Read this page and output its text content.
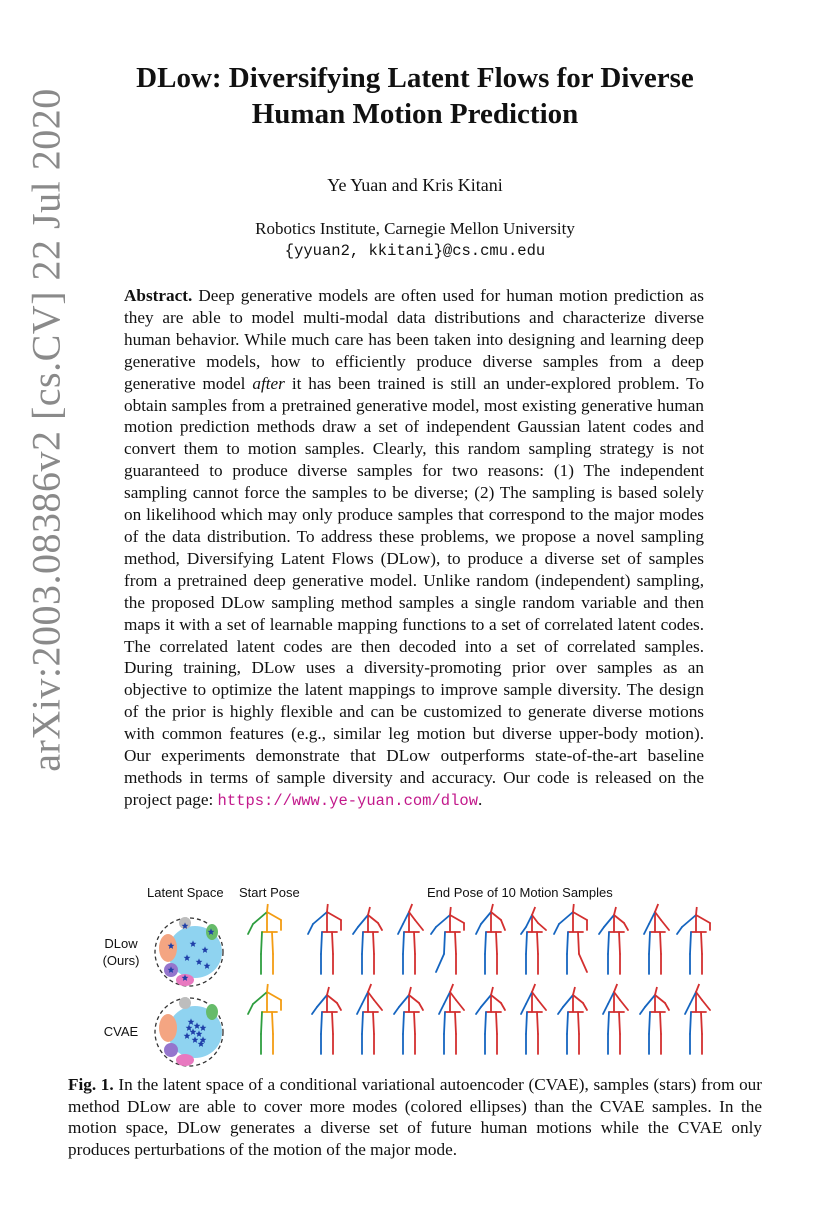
arXiv:2003.08386v2 [cs.CV] 22 Jul 2020
DLow: Diversifying Latent Flows for Diverse Human Motion Prediction
Ye Yuan and Kris Kitani
Robotics Institute, Carnegie Mellon University
{yyuan2, kkitani}@cs.cmu.edu
Abstract. Deep generative models are often used for human motion prediction as they are able to model multi-modal data distributions and characterize diverse human behavior. While much care has been taken into designing and learning deep generative models, how to efficiently produce diverse samples from a deep generative model after it has been trained is still an under-explored problem. To obtain samples from a pretrained generative model, most existing generative human motion prediction methods draw a set of independent Gaussian latent codes and convert them to motion samples. Clearly, this random sampling strategy is not guaranteed to produce diverse samples for two reasons: (1) The independent sampling cannot force the samples to be diverse; (2) The sampling is based solely on likelihood which may only produce samples that correspond to the major modes of the data distribution. To address these problems, we propose a novel sampling method, Diversifying Latent Flows (DLow), to produce a diverse set of samples from a pretrained deep generative model. Unlike random (independent) sampling, the proposed DLow sampling method samples a single random variable and then maps it with a set of learnable mapping functions to a set of correlated latent codes. The correlated latent codes are then decoded into a set of correlated samples. During training, DLow uses a diversity-promoting prior over samples as an objective to optimize the latent mappings to improve sample diversity. The design of the prior is highly flexible and can be customized to generate diverse motions with common features (e.g., similar leg motion but diverse upper-body motion). Our experiments demonstrate that DLow outperforms state-of-the-art baseline methods in terms of sample diversity and accuracy. Our code is released on the project page: https://www.ye-yuan.com/dlow.
Latent Space Start Pose	End Pose of 10 Motion Samples
DLow
(Ours)
CVAE
Fig. 1. In the latent space of a conditional variational autoencoder (CVAE), samples (stars) from our method DLow are able to cover more modes (colored ellipses) than the CVAE samples. In the motion space, DLow generates a diverse set of future human motions while the CVAE only produces perturbations of the motion of the major mode.
